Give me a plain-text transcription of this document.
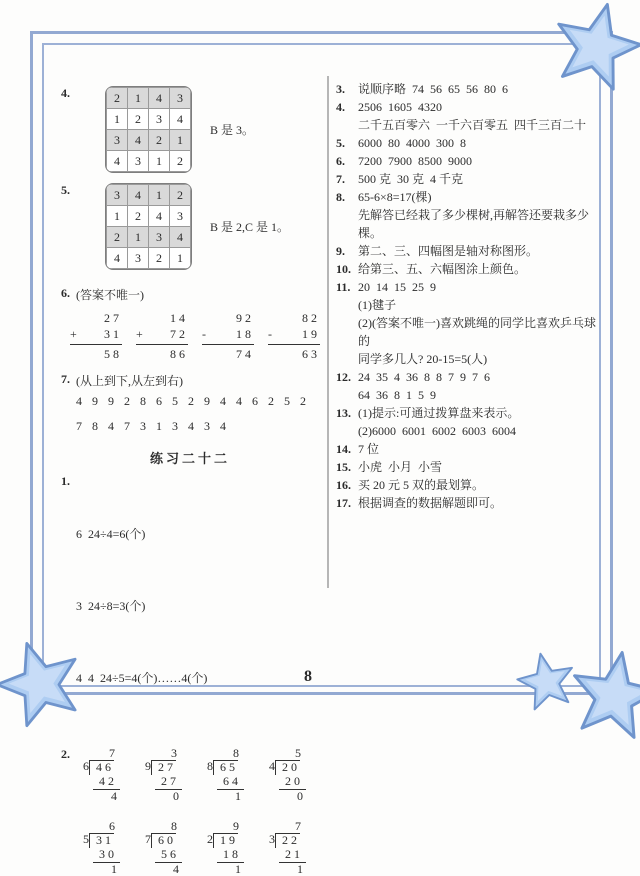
8
4.	2	1	4	3
1	2	3	4
3	4	2	1
4	3	1	2
B 是 3。
5.	3	4	1	2
1	2	4	3
2	1	3	4
4	3	2	1
B 是 2,C 是 1。
6. (答案不唯一)
2 7
+ 3 1
5 8
1 4
+ 7 2
8 6
9 2
-	1 8
7 4
8 2
-	1 9
6 3
7. (从上到下,从左到右)
4 9 9 2 8 6 5 2 9 4 4 6 2 5 2
7 8 4 7 3 1 3 4 3 4
练习二十二
1.

6  24÷4=6(个)

3  24÷8=3(个)

4  4  24÷5=4(个)……4(个)

2.	7
6 4 6
4 2
4
3
9 2 7
2 7
0
8
8 6 5
6 4
1
5
4 2 0
2 0
0
6
5 3 1
3 0
1
8
7 6 0
5 6
4
9
2 1 9
1 8
1
7
3 2 2
2 1
1
3.	说顺序略  74  56  65  56  80  6
4.	2506  1605  4320
二千五百零六  一千六百零五  四千三百二十
5.	6000  80  4000  300  8
6.	7200  7900  8500  9000
7.	500 克  30 克  4 千克
8.	65-6×8=17(棵)
先解答已经栽了多少棵树,再解答还要栽多少棵。
9.	第二、三、四幅图是轴对称图形。
10. 给第三、五、六幅图涂上颜色。
11. 20  14  15  25  9
(1)毽子
(2)(答案不唯一)喜欢跳绳的同学比喜欢乒乓球的
同学多几人? 20-15=5(人)
12. 24  35  4  36  8  8  7  9  7  6
64  36  8  1  5  9
13. (1)提示:可通过拨算盘来表示。
(2)6000  6001  6002  6003  6004
14. 7 位
15. 小虎  小月  小雪
16. 买 20 元 5 双的最划算。
17. 根据调查的数据解题即可。
